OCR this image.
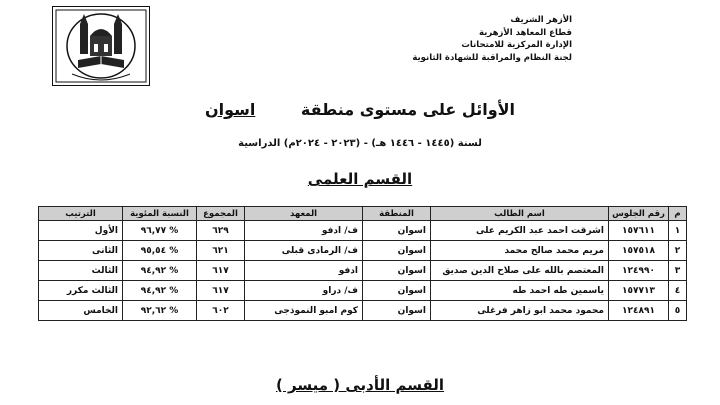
الأزهر الشريف
قطاع المعاهد الأزهرية
الإدارة المركزية للامتحانات
لجنة النظام والمراقبة للشهادة الثانوية
الأوائل على مستوى منطقة اسوان
لسنة (١٤٤٥ - ١٤٤٦ هـ) - (٢٠٢٣ - ٢٠٢٤م) الدراسية
القسم العلمى
م	رقم الجلوس	اسم الطالب	المنطقة	المعهد	المجموع	النسبة المئوية	الترتيب
١	١٥٧٦١١	اشرقت احمد عبد الكريم على	اسوان	ف/ ادفو	٦٢٩	% ٩٦,٧٧	الأول
٢	١٥٧٥١٨	مريم محمد صالح محمد	اسوان	ف/ الرمادى قبلى	٦٢١	% ٩٥,٥٤	الثانى
٣	١٢٤٩٩٠	المعتصم بالله على صلاح الدين صديق	اسوان	ادفو	٦١٧	% ٩٤,٩٢	الثالث
٤	١٥٧٧١٣	ياسمين طه احمد طه	اسوان	ف/ دراو	٦١٧	% ٩٤,٩٢	الثالث مكرر
٥	١٢٤٨٩١	محمود محمد ابو زاهر فرغلى	اسوان	كوم امبو النموذجى	٦٠٢	% ٩٢,٦٢	الخامس
القسم الأدبى ( ميسر )
